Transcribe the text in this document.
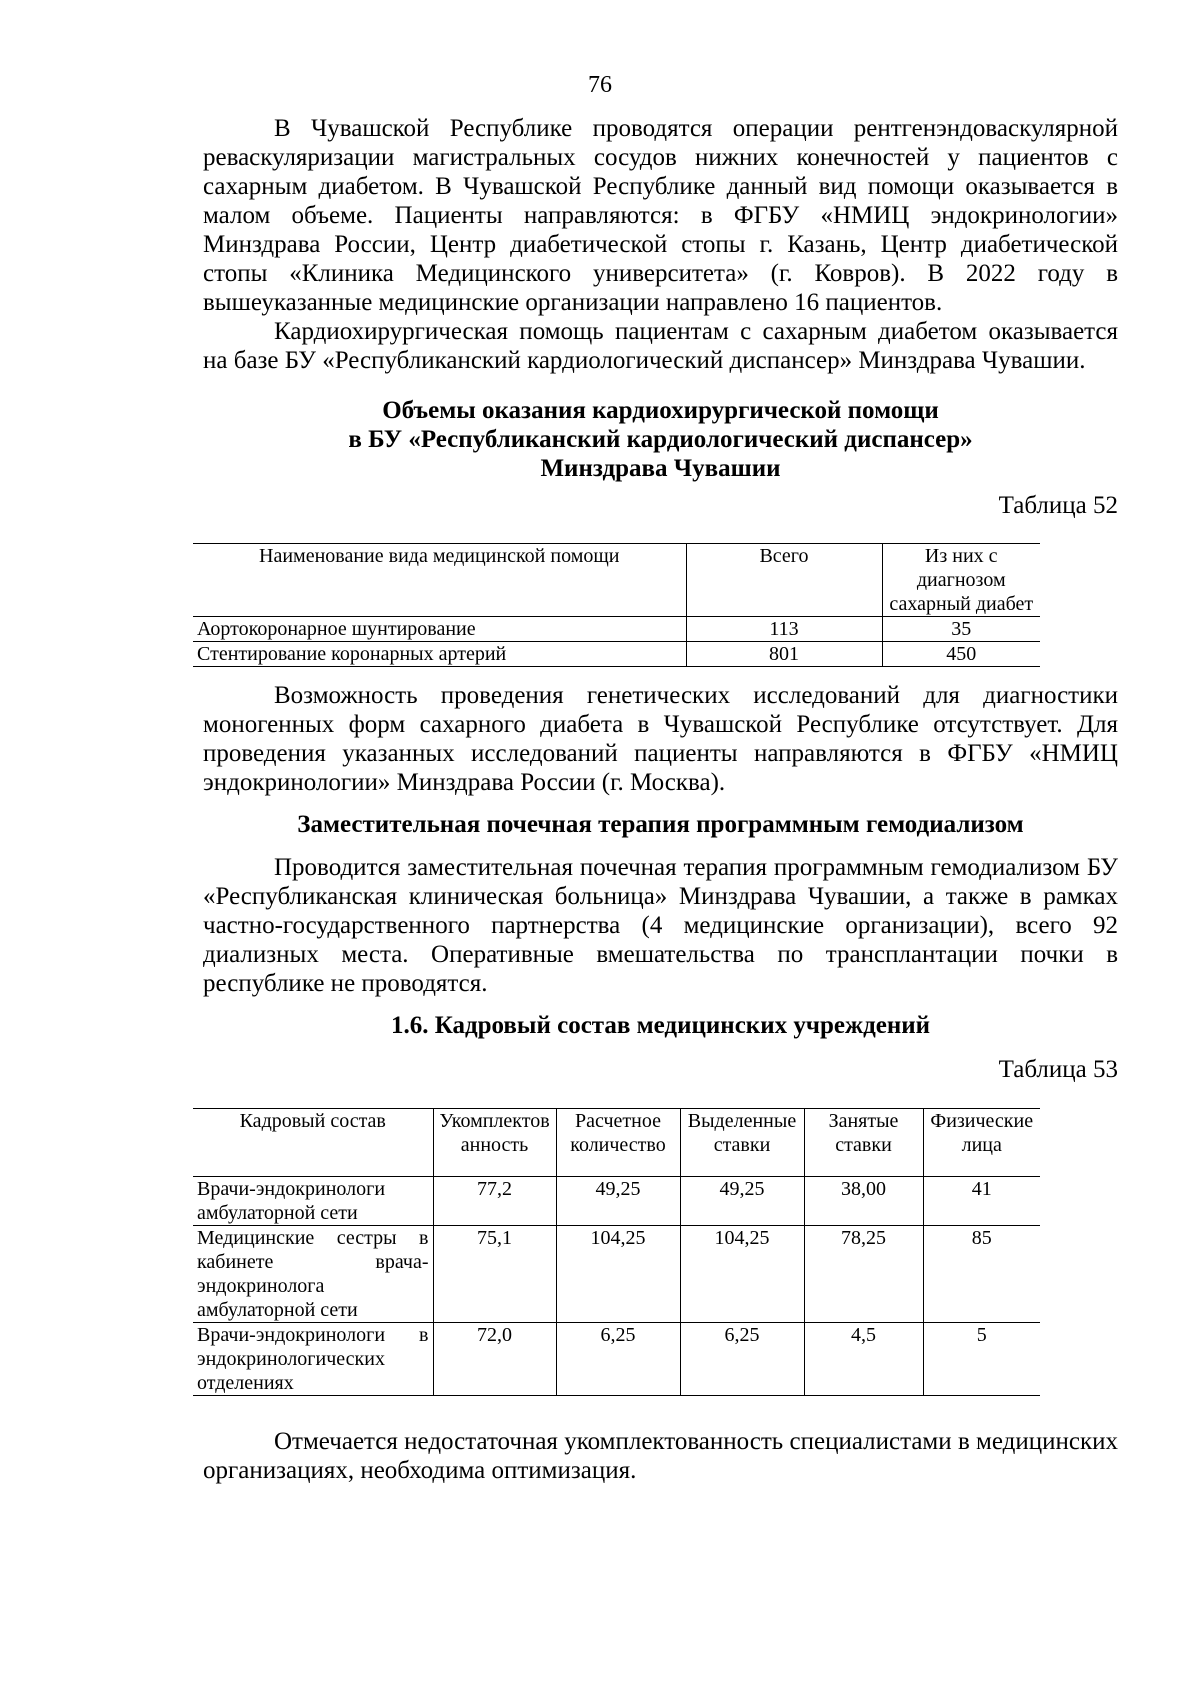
76

В Чувашской Республике проводятся операции рентгенэндоваскулярной реваскуляризации магистральных сосудов нижних конечностей у пациентов с сахарным диабетом. В Чувашской Республике данный вид помощи оказывается в малом объеме. Пациенты направляются: в ФГБУ «НМИЦ эндокринологии» Минздрава России, Центр диабетической стопы г. Казань, Центр диабетической стопы «Клиника Медицинского университета» (г. Ковров). В 2022 году в вышеуказанные медицинские организации направлено 16 пациентов.

Кардиохирургическая помощь пациентам с сахарным диабетом оказывается на базе БУ «Республиканский кардиологический диспансер» Минздрава Чувашии.

Объемы оказания кардиохирургической помощи

в БУ «Республиканский кардиологический диспансер»

Минздрава Чувашии

Таблица 52

Наименование вида медицинской помощи	Всего	Из них с диагнозом сахарный диабет
Аортокоронарное шунтирование	113	35
Стентирование коронарных артерий	801	450

Возможность проведения генетических исследований для диагностики моногенных форм сахарного диабета в Чувашской Республике отсутствует. Для проведения указанных исследований пациенты направляются в ФГБУ «НМИЦ эндокринологии» Минздрава России (г. Москва).

Заместительная почечная терапия программным гемодиализом

Проводится заместительная почечная терапия программным гемодиализом БУ «Республиканская клиническая больница» Минздрава Чувашии, а также в рамках частно-государственного партнерства (4 медицинские организации), всего 92 диализных места. Оперативные вмешательства по трансплантации почки в республике не проводятся.

1.6. Кадровый состав медицинских учреждений

Таблица 53

Кадровый состав	Укомплектованность	Расчетное количество	Выделенные ставки	Занятые ставки	Физические лица
Врачи-эндокринологи амбулаторной сети	77,2	49,25	49,25	38,00	41
Медицинские сестры в кабинете врача-эндокринолога амбулаторной сети	75,1	104,25	104,25	78,25	85
Врачи-эндокринологи в эндокринологических отделениях	72,0	6,25	6,25	4,5	5

Отмечается недостаточная укомплектованность специалистами в медицинских организациях, необходима оптимизация.
